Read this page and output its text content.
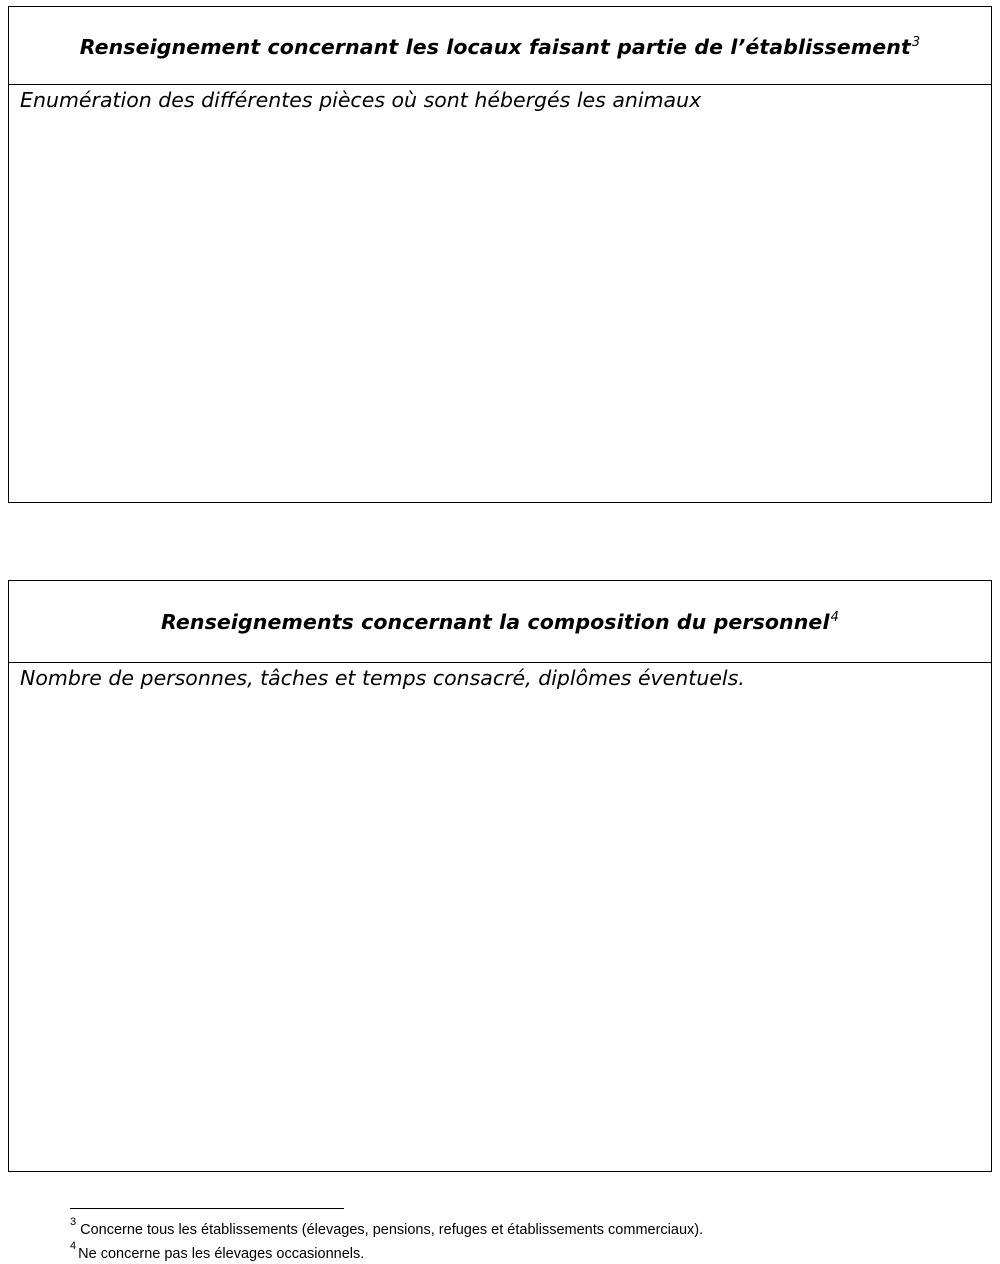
Renseignement concernant les locaux faisant partie de l’établissement$^3$
Enumération des différentes pièces où sont hébergés les animaux
Renseignements concernant la composition du personnel$^4$
Nombre de personnes, tâches et temps consacré, diplômes éventuels.
$^3$ Concerne tous les établissements (élevages, pensions, refuges et établissements commerciaux).
$^4$ Ne concerne pas les élevages occasionnels.
